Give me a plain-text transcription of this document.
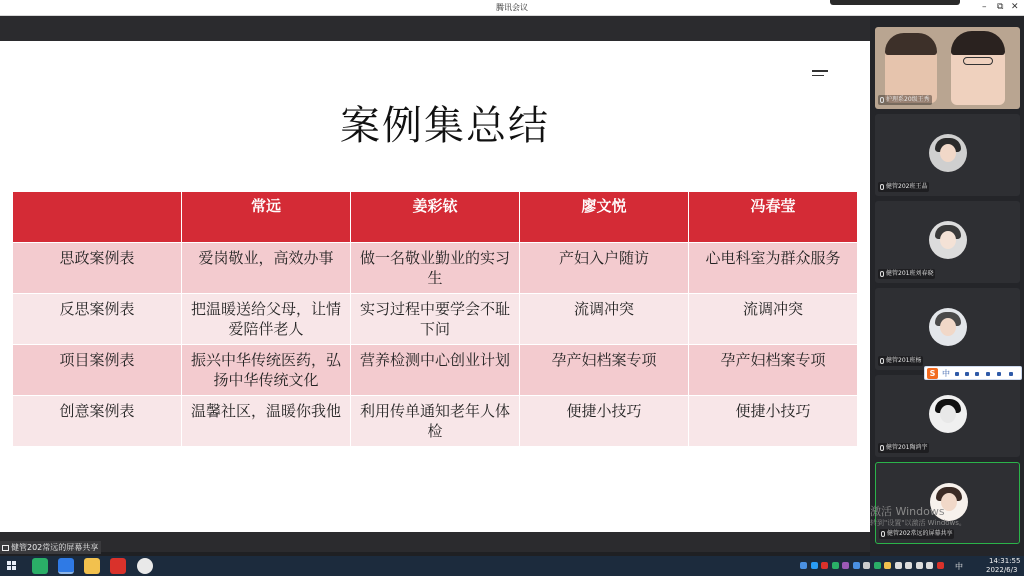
腾讯会议	– ⧉ ✕
案例集总结
	常远	姜彩铱	廖文悦	冯春莹
思政案例表	爱岗敬业，高效办事	做一名敬业勤业的实习生	产妇入户随访	心电科室为群众服务
反思案例表	把温暖送给父母，让情爱陪伴老人	实习过程中要学会不耻下问	流调冲突	流调冲突
项目案例表	振兴中华传统医药，弘扬中华传统文化	营养检测中心创业计划	孕产妇档案专项	孕产妇档案专项
创意案例表	温馨社区，温暖你我他	利用传单通知老年人体检	便捷小技巧	便捷小技巧
护理系20级王秀
健管202班王晶
健管201班刘春晓
健管201班杨
健管201陶鸿宇
健管202常远的屏幕共享
S 中
激活 Windows
转到"设置"以激活 Windows。
健管202常远的屏幕共享
中
14:31:55
2022/6/3
